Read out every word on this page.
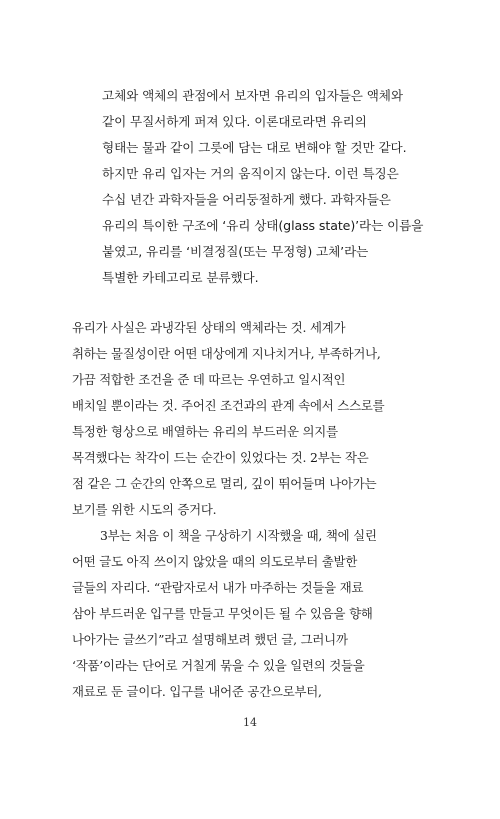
고체와 액체의 관점에서 보자면 유리의 입자들은 액체와
같이 무질서하게 퍼져 있다. 이론대로라면 유리의
형태는 물과 같이 그릇에 담는 대로 변해야 할 것만 같다.
하지만 유리 입자는 거의 움직이지 않는다. 이런 특징은
수십 년간 과학자들을 어리둥절하게 했다. 과학자들은
유리의 특이한 구조에 ‘유리 상태(glass state)’라는 이름을
붙였고, 유리를 ‘비결정질(또는 무정형) 고체’라는
특별한 카테고리로 분류했다.
유리가 사실은 과냉각된 상태의 액체라는 것. 세계가
취하는 물질성이란 어떤 대상에게 지나치거나, 부족하거나,
가끔 적합한 조건을 준 데 따르는 우연하고 일시적인
배치일 뿐이라는 것. 주어진 조건과의 관계 속에서 스스로를
특정한 형상으로 배열하는 유리의 부드러운 의지를
목격했다는 착각이 드는 순간이 있었다는 것. 2부는 작은
점 같은 그 순간의 안쪽으로 멀리, 깊이 뛰어들며 나아가는
보기를 위한 시도의 증거다.
3부는 처음 이 책을 구상하기 시작했을 때, 책에 실린
어떤 글도 아직 쓰이지 않았을 때의 의도로부터 출발한
글들의 자리다. “관람자로서 내가 마주하는 것들을 재료
삼아 부드러운 입구를 만들고 무엇이든 될 수 있음을 향해
나아가는 글쓰기”라고 설명해보려 했던 글, 그러니까
‘작품’이라는 단어로 거칠게 묶을 수 있을 일련의 것들을
재료로 둔 글이다. 입구를 내어준 공간으로부터,
14
